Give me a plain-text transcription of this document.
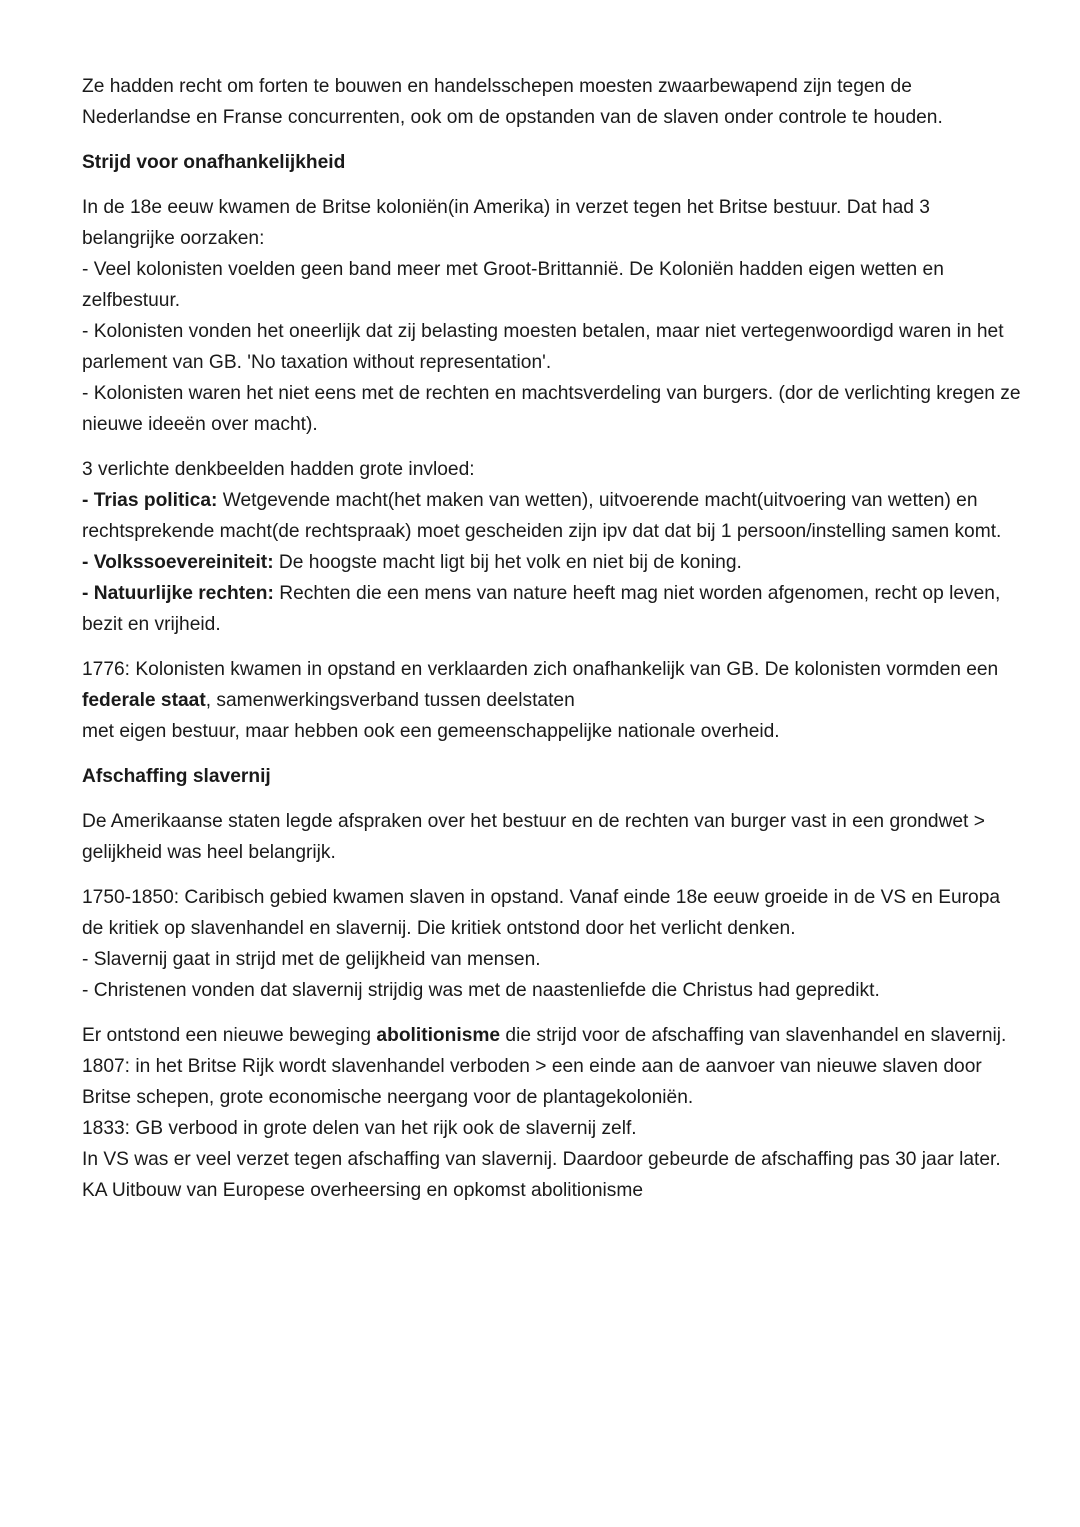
Ze hadden recht om forten te bouwen en handelsschepen moesten zwaarbewapend zijn tegen de Nederlandse en Franse concurrenten, ook om de opstanden van de slaven onder controle te houden.

Strijd voor onafhankelijkheid

In de 18e eeuw kwamen de Britse koloniën(in Amerika) in verzet tegen het Britse bestuur. Dat had 3 belangrijke oorzaken:
- Veel kolonisten voelden geen band meer met Groot-Brittannië. De Koloniën hadden eigen wetten en zelfbestuur.
- Kolonisten vonden het oneerlijk dat zij belasting moesten betalen, maar niet vertegenwoordigd waren in het parlement van GB. 'No taxation without representation'.
- Kolonisten waren het niet eens met de rechten en machtsverdeling van burgers. (dor de verlichting kregen ze nieuwe ideeën over macht).

3 verlichte denkbeelden hadden grote invloed:
- Trias politica: Wetgevende macht(het maken van wetten), uitvoerende macht(uitvoering van wetten) en rechtsprekende macht(de rechtspraak) moet gescheiden zijn ipv dat dat bij 1 persoon/instelling samen komt.
- Volkssoevereiniteit: De hoogste macht ligt bij het volk en niet bij de koning.
- Natuurlijke rechten: Rechten die een mens van nature heeft mag niet worden afgenomen, recht op leven, bezit en vrijheid.

1776: Kolonisten kwamen in opstand en verklaarden zich onafhankelijk van GB. De kolonisten vormden een federale staat, samenwerkingsverband tussen deelstaten
met eigen bestuur, maar hebben ook een gemeenschappelijke nationale overheid.

Afschaffing slavernij

De Amerikaanse staten legde afspraken over het bestuur en de rechten van burger vast in een grondwet > gelijkheid was heel belangrijk.

1750-1850: Caribisch gebied kwamen slaven in opstand. Vanaf einde 18e eeuw groeide in de VS en Europa de kritiek op slavenhandel en slavernij. Die kritiek ontstond door het verlicht denken.
- Slavernij gaat in strijd met de gelijkheid van mensen.
- Christenen vonden dat slavernij strijdig was met de naastenliefde die Christus had gepredikt.

Er ontstond een nieuwe beweging abolitionisme die strijd voor de afschaffing van slavenhandel en slavernij.
1807: in het Britse Rijk wordt slavenhandel verboden > een einde aan de aanvoer van nieuwe slaven door Britse schepen, grote economische neergang voor de plantagekoloniën.
1833: GB verbood in grote delen van het rijk ook de slavernij zelf.
In VS was er veel verzet tegen afschaffing van slavernij. Daardoor gebeurde de afschaffing pas 30 jaar later. KA Uitbouw van Europese overheersing en opkomst abolitionisme
